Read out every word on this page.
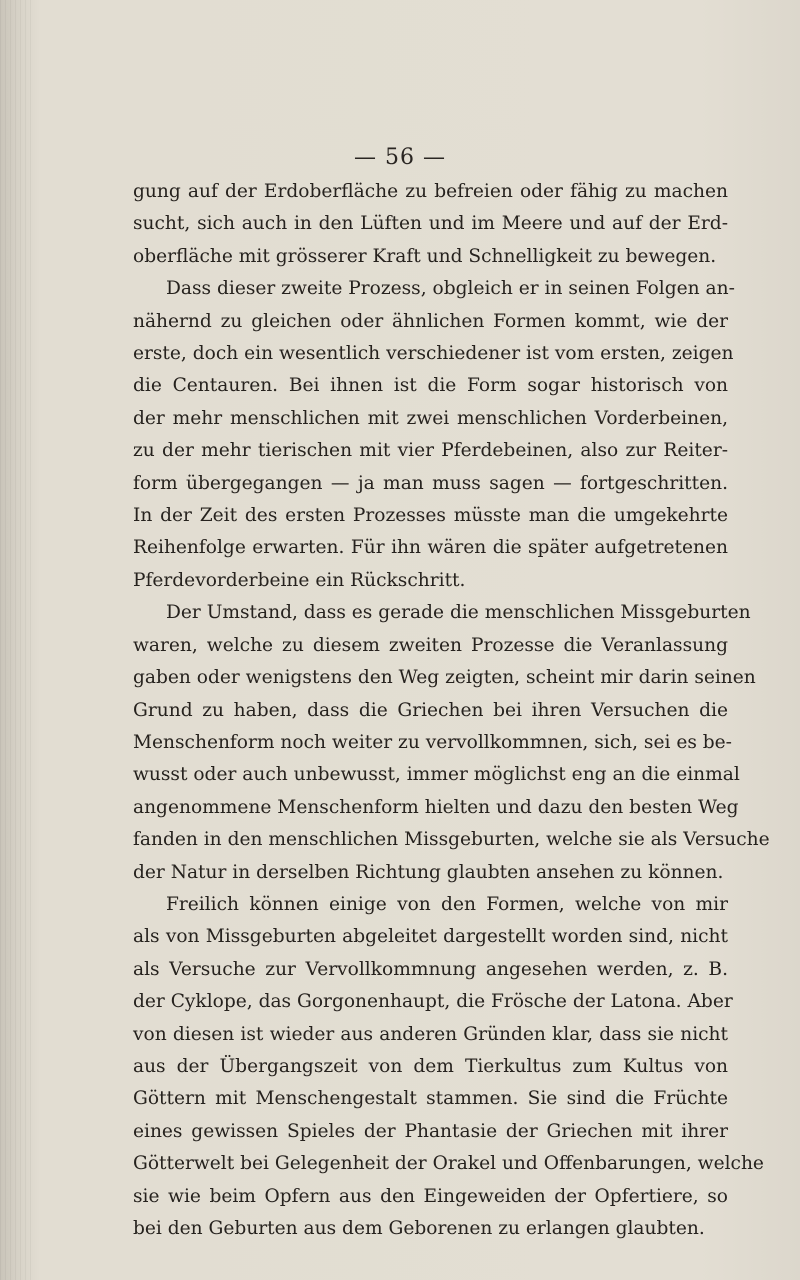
— 56 —

gung auf der Erdoberfläche zu befreien oder fähig zu machen
sucht, sich auch in den Lüften und im Meere und auf der Erd-
oberfläche mit grösserer Kraft und Schnelligkeit zu bewegen.

Dass dieser zweite Prozess, obgleich er in seinen Folgen an-
nähernd zu gleichen oder ähnlichen Formen kommt, wie der
erste, doch ein wesentlich verschiedener ist vom ersten, zeigen
die Centauren. Bei ihnen ist die Form sogar historisch von
der mehr menschlichen mit zwei menschlichen Vorderbeinen,
zu der mehr tierischen mit vier Pferdebeinen, also zur Reiter-
form übergegangen — ja man muss sagen — fortgeschritten.
In der Zeit des ersten Prozesses müsste man die umgekehrte
Reihenfolge erwarten. Für ihn wären die später aufgetretenen
Pferdevorderbeine ein Rückschritt.

Der Umstand, dass es gerade die menschlichen Missgeburten
waren, welche zu diesem zweiten Prozesse die Veranlassung
gaben oder wenigstens den Weg zeigten, scheint mir darin seinen
Grund zu haben, dass die Griechen bei ihren Versuchen die
Menschenform noch weiter zu vervollkommnen, sich, sei es be-
wusst oder auch unbewusst, immer möglichst eng an die einmal
angenommene Menschenform hielten und dazu den besten Weg
fanden in den menschlichen Missgeburten, welche sie als Versuche
der Natur in derselben Richtung glaubten ansehen zu können.

Freilich können einige von den Formen, welche von mir
als von Missgeburten abgeleitet dargestellt worden sind, nicht
als Versuche zur Vervollkommnung angesehen werden, z. B.
der Cyklope, das Gorgonenhaupt, die Frösche der Latona. Aber
von diesen ist wieder aus anderen Gründen klar, dass sie nicht
aus der Übergangszeit von dem Tierkultus zum Kultus von
Göttern mit Menschengestalt stammen. Sie sind die Früchte
eines gewissen Spieles der Phantasie der Griechen mit ihrer
Götterwelt bei Gelegenheit der Orakel und Offenbarungen, welche
sie wie beim Opfern aus den Eingeweiden der Opfertiere, so
bei den Geburten aus dem Geborenen zu erlangen glaubten.
